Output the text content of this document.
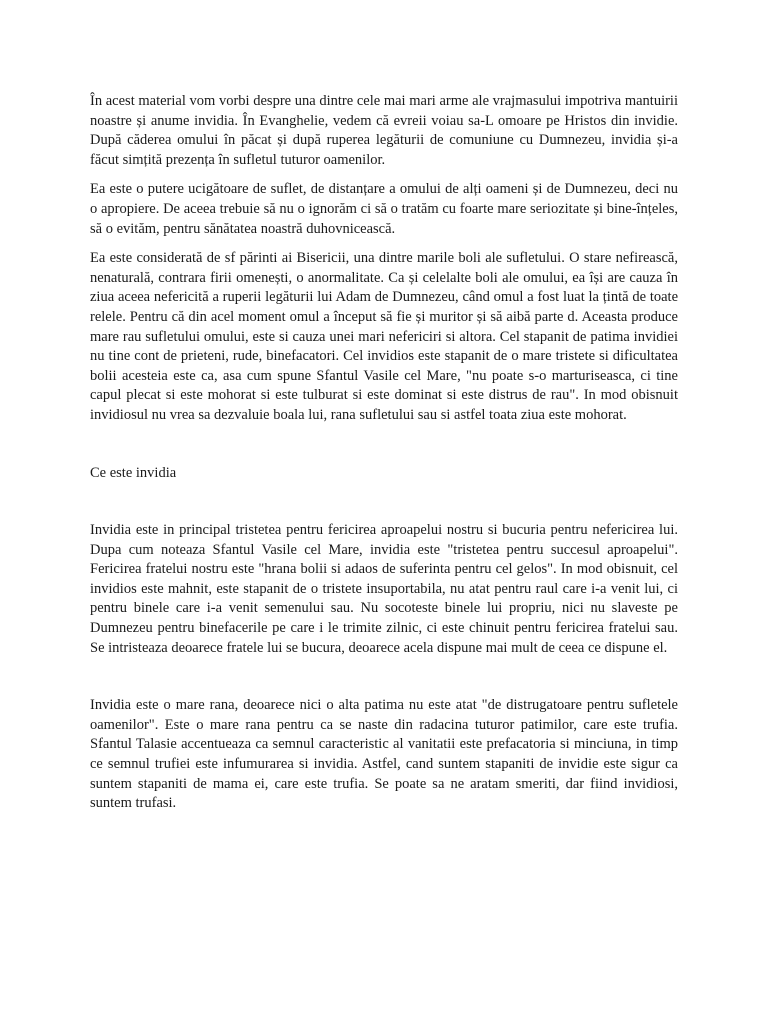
În acest material vom vorbi despre una dintre cele mai mari arme ale vrajmasului impotriva mantuirii noastre și anume invidia. În Evanghelie, vedem că evreii voiau sa-L omoare pe Hristos din invidie. După căderea omului în păcat și după ruperea legăturii de comuniune cu Dumnezeu, invidia și-a făcut simțită prezența în sufletul tuturor oamenilor.

Ea este o putere ucigătoare de suflet, de distanțare a omului de alți oameni și de Dumnezeu, deci nu o apropiere. De aceea trebuie să nu o ignorăm ci să o tratăm cu foarte mare seriozitate și bine-înțeles, să o evităm, pentru sănătatea noastră duhovnicească.

Ea este considerată de sf părinti ai Bisericii, una dintre marile boli ale sufletului. O stare nefirească, nenaturală, contrara firii omenești, o anormalitate. Ca și celelalte boli ale omului, ea își are cauza în ziua aceea nefericită a ruperii legăturii lui Adam de Dumnezeu, când omul a fost luat la țintă de toate relele. Pentru că din acel moment omul a început să fie și muritor și să aibă parte d. Aceasta produce mare rau sufletului omului, este si cauza unei mari nefericiri si altora. Cel stapanit de patima invidiei nu tine cont de prieteni, rude, binefacatori. Cel invidios este stapanit de o mare tristete si dificultatea bolii acesteia este ca, asa cum spune Sfantul Vasile cel Mare, "nu poate s-o marturiseasca, ci tine capul plecat si este mohorat si este tulburat si este dominat si este distrus de rau". In mod obisnuit invidiosul nu vrea sa dezvaluie boala lui, rana sufletului sau si astfel toata ziua este mohorat.

Ce este invidia

Invidia este in principal tristetea pentru fericirea aproapelui nostru si bucuria pentru nefericirea lui. Dupa cum noteaza Sfantul Vasile cel Mare, invidia este "tristetea pentru succesul aproapelui". Fericirea fratelui nostru este "hrana bolii si adaos de suferinta pentru cel gelos". In mod obisnuit, cel invidios este mahnit, este stapanit de o tristete insuportabila, nu atat pentru raul care i-a venit lui, ci pentru binele care i-a venit semenului sau. Nu socoteste binele lui propriu, nici nu slaveste pe Dumnezeu pentru binefacerile pe care i le trimite zilnic, ci este chinuit pentru fericirea fratelui sau. Se intristeaza deoarece fratele lui se bucura, deoarece acela dispune mai mult de ceea ce dispune el.

Invidia este o mare rana, deoarece nici o alta patima nu este atat "de distrugatoare pentru sufletele oamenilor". Este o mare rana pentru ca se naste din radacina tuturor patimilor, care este trufia. Sfantul Talasie accentueaza ca semnul caracteristic al vanitatii este prefacatoria si minciuna, in timp ce semnul trufiei este infumurarea si invidia. Astfel, cand suntem stapaniti de invidie este sigur ca suntem stapaniti de mama ei, care este trufia. Se poate sa ne aratam smeriti, dar fiind invidiosi, suntem trufasi.
